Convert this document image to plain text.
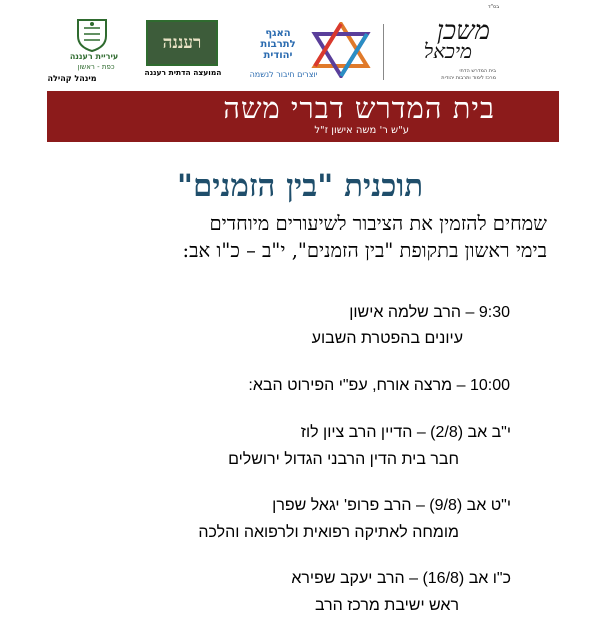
עיריית רעננה
כפת - ראשון
מינהל קהילה
רעננה
המועצה הדתית רעננה
האגף
לתרבות
יהודית
יוצרים חיבור לנשמה
בס"ד
משכן
מיכאל
בית המדרש הדתי
מרכז לימוד ותרבות יהודית
בית המדרש דברי משה
ע"ש ר' משה אישון ז"ל
תוכנית "בין הזמנים"
שמחים להזמין את הציבור לשיעורים מיוחדים
בימי ראשון בתקופת "בין הזמנים", י"ב – כ"ו אב:
9:30 – הרב שלמה אישון
עיונים בהפטרת השבוע
10:00 – מרצה אורח, עפ"י הפירוט הבא:
י"ב אב (2/8) – הדיין הרב ציון לוז
חבר בית הדין הרבני הגדול ירושלים
י"ט אב (9/8) – הרב פרופ' יגאל שפרן
מומחה לאתיקה רפואית ולרפואה והלכה
כ"ו אב (16/8) – הרב יעקב שפירא
ראש ישיבת מרכז הרב
